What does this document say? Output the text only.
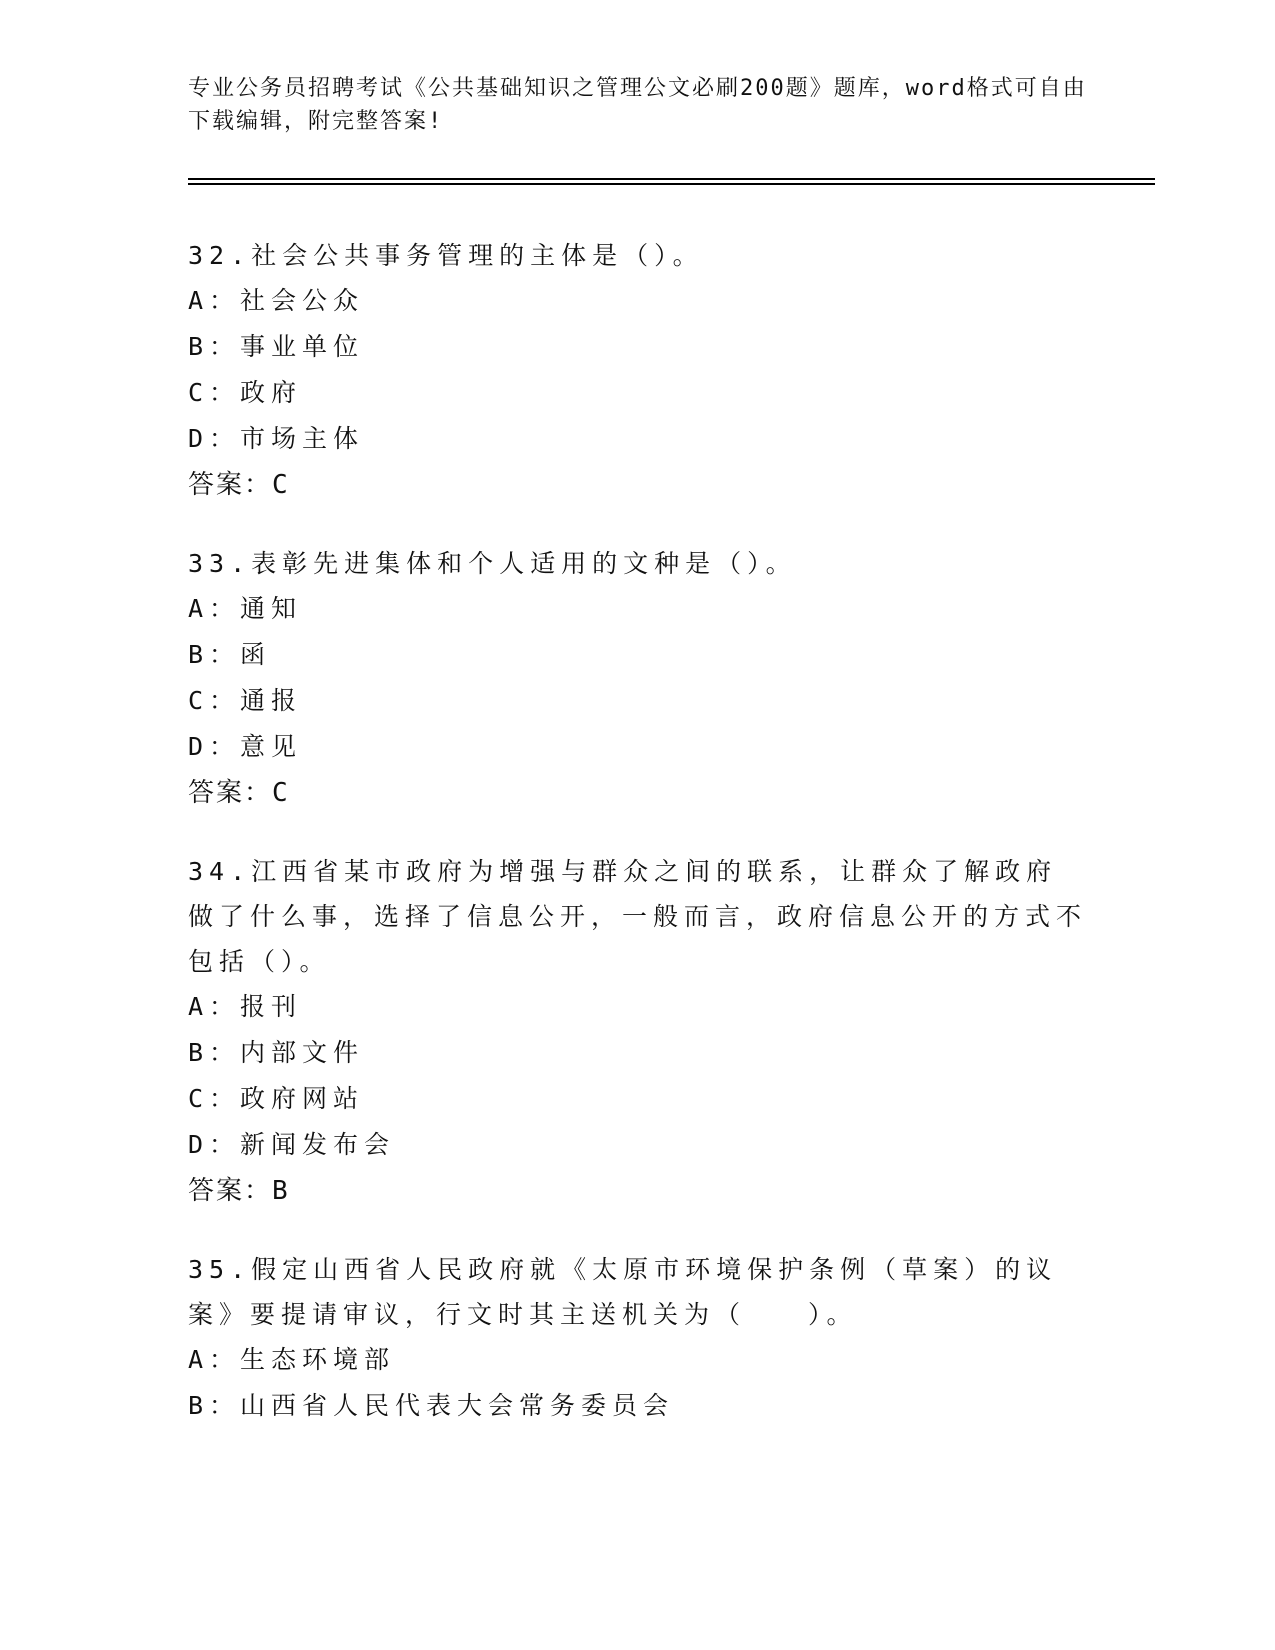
专业公务员招聘考试《公共基础知识之管理公文必刷200题》题库，word格式可自由下载编辑，附完整答案!

32.社会公共事务管理的主体是（）。

A：社会公众

B：事业单位

C：政府

D：市场主体

答案：C

33.表彰先进集体和个人适用的文种是（）。

A：通知

B：函

C：通报

D：意见

答案：C

34.江西省某市政府为增强与群众之间的联系，让群众了解政府做了什么事，选择了信息公开，一般而言，政府信息公开的方式不包括（）。

A：报刊

B：内部文件

C：政府网站

D：新闻发布会

答案：B

35.假定山西省人民政府就《太原市环境保护条例（草案）的议案》要提请审议，行文时其主送机关为（　　）。

A：生态环境部

B：山西省人民代表大会常务委员会
